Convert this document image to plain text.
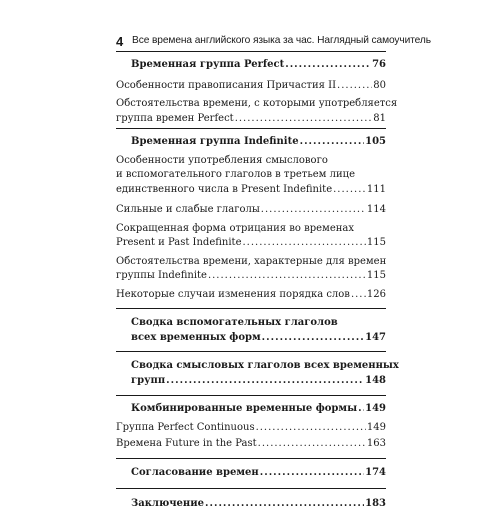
4 Все времена английского языка за час. Наглядный самоучитель
Временная группа Perfect .....	76
Особенности правописания Причастия II .....	80
Обстоятельства времени, с которыми употребляется
группа времен Perfect .....	81
Временная группа Indefinite .....	105
Особенности употребления смыслового
и вспомогательного глаголов в третьем лице
единственного числа в Present Indefinite .....	111
Сильные и слабые глаголы .....	114
Сокращенная форма отрицания во временах
Present и Past Indefinite .....	115
Обстоятельства времени, характерные для времен
группы Indefinite .....	115
Некоторые случаи изменения порядка слов ..... 126
Сводка вспомогательных глаголов
всех временных форм .....	147
Сводка смысловых глаголов всех временных
групп .....	148
Комбинированные временные формы ..... 149
Группа Perfect Continuous .....	149
Времена Future in the Past .....	163
Согласование времен .....	174
Заключение .....	183
